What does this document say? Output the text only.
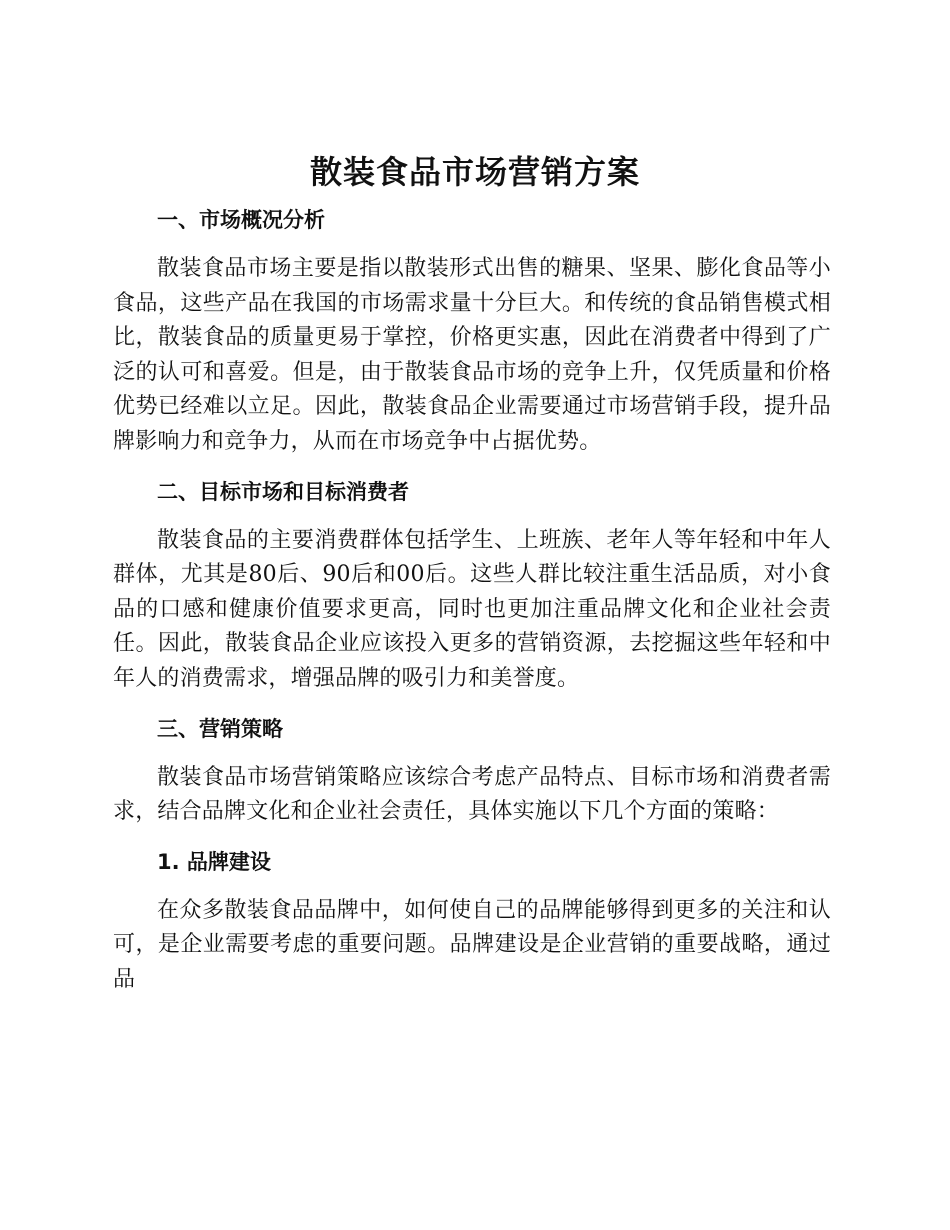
散装食品市场营销方案
一、市场概况分析

散装食品市场主要是指以散装形式出售的糖果、坚果、膨化食品等小食品，这些产品在我国的市场需求量十分巨大。和传统的食品销售模式相比，散装食品的质量更易于掌控，价格更实惠，因此在消费者中得到了广泛的认可和喜爱。但是，由于散装食品市场的竞争上升，仅凭质量和价格优势已经难以立足。因此，散装食品企业需要通过市场营销手段，提升品牌影响力和竞争力，从而在市场竞争中占据优势。

二、目标市场和目标消费者

散装食品的主要消费群体包括学生、上班族、老年人等年轻和中年人群体，尤其是80后、90后和00后。这些人群比较注重生活品质，对小食品的口感和健康价值要求更高，同时也更加注重品牌文化和企业社会责任。因此，散装食品企业应该投入更多的营销资源，去挖掘这些年轻和中年人的消费需求，增强品牌的吸引力和美誉度。

三、营销策略

散装食品市场营销策略应该综合考虑产品特点、目标市场和消费者需求，结合品牌文化和企业社会责任，具体实施以下几个方面的策略：

1. 品牌建设

在众多散装食品品牌中，如何使自己的品牌能够得到更多的关注和认可，是企业需要考虑的重要问题。品牌建设是企业营销的重要战略，通过品
